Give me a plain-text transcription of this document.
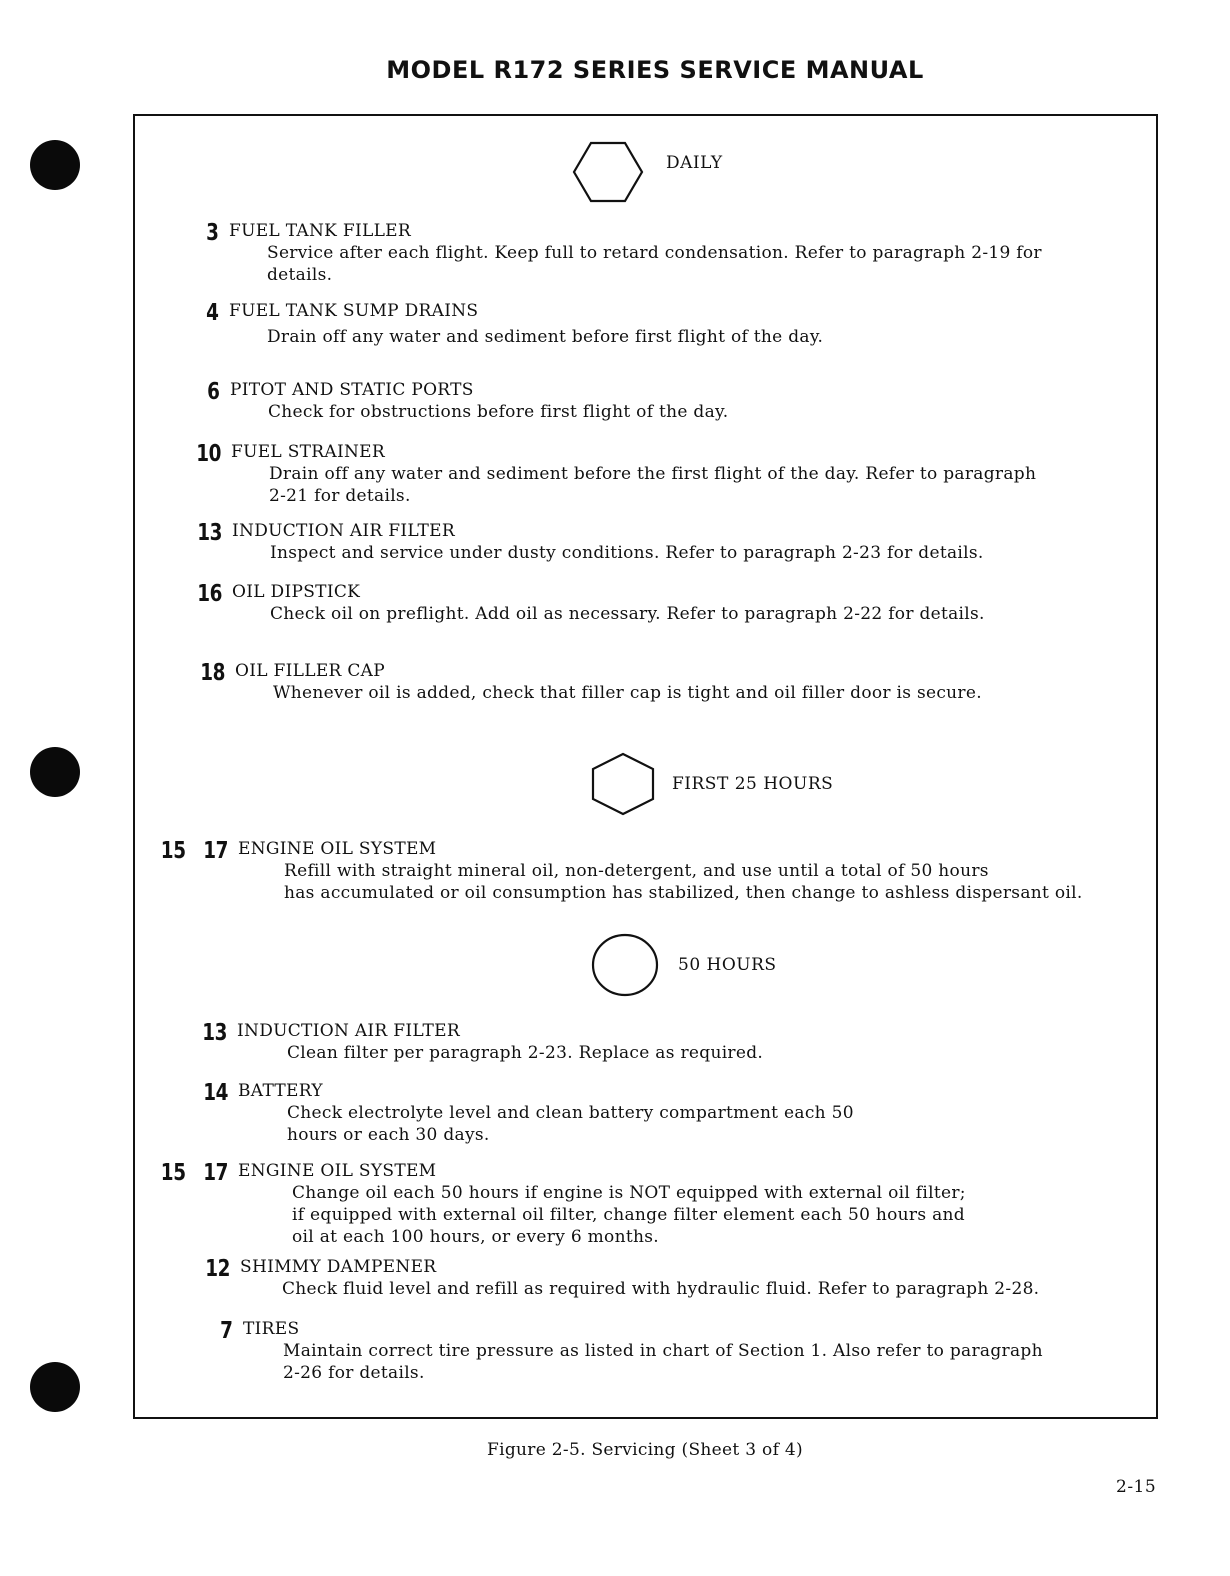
MODEL R172 SERIES SERVICE MANUAL
DAILY
3 FUEL TANK FILLER
Service after each flight. Keep full to retard condensation. Refer to paragraph 2-19 for
details.
4 FUEL TANK SUMP DRAINS
Drain off any water and sediment before first flight of the day.
6 PITOT AND STATIC PORTS
Check for obstructions before first flight of the day.
10 FUEL STRAINER
Drain off any water and sediment before the first flight of the day. Refer to paragraph
2-21 for details.
13 INDUCTION AIR FILTER
Inspect and service under dusty conditions. Refer to paragraph 2-23 for details.
16 OIL DIPSTICK
Check oil on preflight. Add oil as necessary. Refer to paragraph 2-22 for details.
18 OIL FILLER CAP
Whenever oil is added, check that filler cap is tight and oil filler door is secure.
FIRST 25 HOURS
15 17 ENGINE OIL SYSTEM
Refill with straight mineral oil, non-detergent, and use until a total of 50 hours
has accumulated or oil consumption has stabilized, then change to ashless dispersant oil.
50 HOURS
13 INDUCTION AIR FILTER
Clean filter per paragraph 2-23. Replace as required.
14 BATTERY
Check electrolyte level and clean battery compartment each 50
hours or each 30 days.
15 17 ENGINE OIL SYSTEM
Change oil each 50 hours if engine is NOT equipped with external oil filter;
if equipped with external oil filter, change filter element each 50 hours and
oil at each 100 hours, or every 6 months.
12 SHIMMY DAMPENER
Check fluid level and refill as required with hydraulic fluid. Refer to paragraph 2-28.
7 TIRES
Maintain correct tire pressure as listed in chart of Section 1. Also refer to paragraph
2-26 for details.
Figure 2-5. Servicing (Sheet 3 of 4)
2-15
